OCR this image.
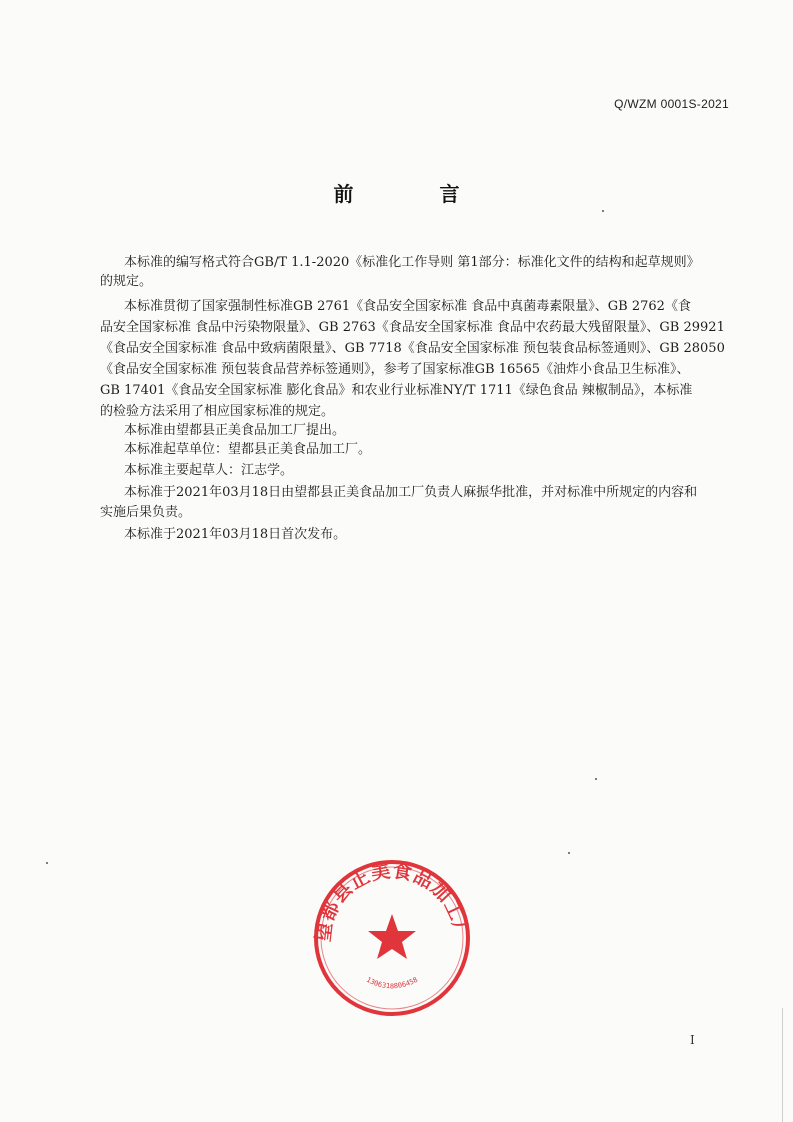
Q/WZM 0001S-2021
前言
本标准的编写格式符合GB/T 1.1-2020《标准化工作导则 第1部分：标准化文件的结构和起草规则》
的规定。
本标准贯彻了国家强制性标准GB 2761《食品安全国家标准 食品中真菌毒素限量》、GB 2762《食
品安全国家标准 食品中污染物限量》、GB 2763《食品安全国家标准 食品中农药最大残留限量》、GB 29921
《食品安全国家标准 食品中致病菌限量》、GB 7718《食品安全国家标准 预包装食品标签通则》、GB 28050
《食品安全国家标准 预包装食品营养标签通则》，参考了国家标准GB 16565《油炸小食品卫生标准》、
GB 17401《食品安全国家标准 膨化食品》和农业行业标准NY/T 1711《绿色食品 辣椒制品》，本标准
的检验方法采用了相应国家标准的规定。
本标准由望都县正美食品加工厂提出。
本标准起草单位：望都县正美食品加工厂。
本标准主要起草人：江志学。
本标准于2021年03月18日由望都县正美食品加工厂负责人麻振华批准，并对标准中所规定的内容和
实施后果负责。
本标准于2021年03月18日首次发布。
望都县正美食品加工厂
1306318806458
I
